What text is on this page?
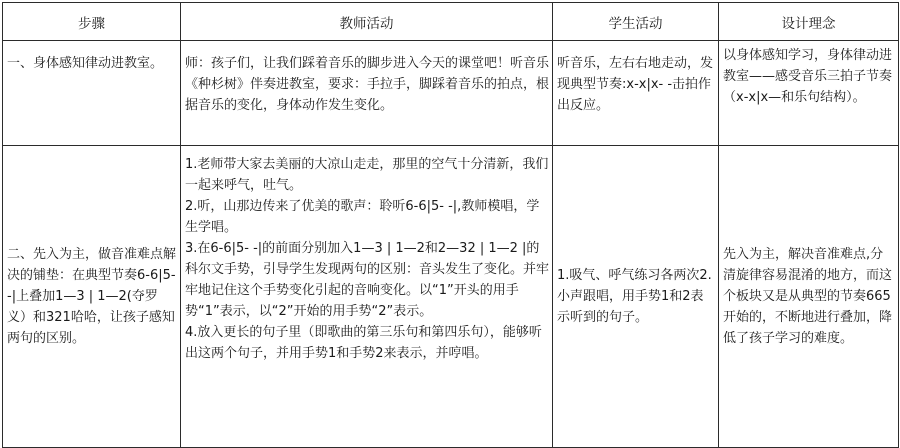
步骤	教师活动	学生活动	设计理念

一、身体感知律动进教室。	师：孩子们，让我们踩着音乐的脚步进入今天的课堂吧！听音乐《种杉树》伴奏进教室，要求：手拉手，脚踩着音乐的拍点，根据音乐的变化，身体动作发生变化。	听音乐，左右右地走动，发现典型节奏:x-x|x- -击拍作出反应。	以身体感知学习，身体律动进教室——感受音乐三拍子节奏（x-x|x—和乐句结构）。

二、先入为主，做音准难点解决的铺垫：在典型节奏6-6|5- -|上叠加1—3 | 1—2(夺罗义）和321哈哈，让孩子感知两句的区别。	1.老师带大家去美丽的大凉山走走，那里的空气十分清新，我们一起来呼气，吐气。
2.听，山那边传来了优美的歌声：聆听6-6|5- -|,教师模唱，学生学唱。
3.在6-6|5- -|的前面分别加入1—3 | 1—2和2—32 | 1—2 |的科尔文手势，引导学生发现两句的区别：音头发生了变化。并牢牢地记住这个手势变化引起的音响变化。以“1”开头的用手势“1”表示，以“2”开始的用手势“2”表示。
4.放入更长的句子里（即歌曲的第三乐句和第四乐句），能够听出这两个句子，并用手势1和手势2来表示，并哼唱。	1.吸气、呼气练习各两次2.小声跟唱，用手势1和2表示听到的句子。	先入为主，解决音准难点,分清旋律容易混淆的地方，而这个板块又是从典型的节奏665开始的，不断地进行叠加，降低了孩子学习的难度。
